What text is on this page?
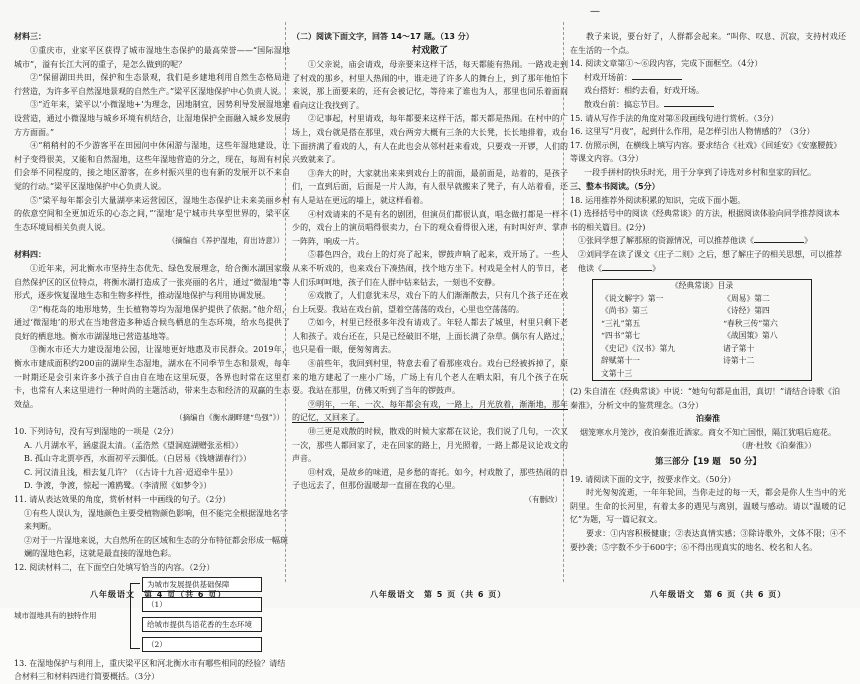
—
材料三：

①重庆市，业家平区获得了城市湿地生态保护的最高荣誉——“国际湿地城市”，溢有长江大河的重子，是怎么做到的呢？

②“保留湖田共田，保护和生态景观，我们是乡建地利用自然生态格局进行营造，为许多平自然湿地景观的自然生产。”梁平区湿地保护中心负责人说。

③“近年来，梁平以‘小微湿地+’为理念，因地制宜，因势利导发展湿地建设营造，通过小微湿地与城乡环境有机结合，让湿地保护全面融入城乡发展的方方面面。”

④“稍稍村的不少游客平在田园问中休闲游与湿地，这些年湿地建设，让村子变得很美，又能和自然湿地，这些年湿地营造的分之，现在，每周有村民们会举不同程度的，接之地区游客，在乡村振兴里的也有新的发展开以不来自觉的行动。”梁平区湿地保护中心负责人说。

⑤“梁平每年都会引大量湖亭来运营园区，湿地生态保护让未来美丽乡村的依意空间和全更加近乐的心态之间，”‘湿地’是宁城市共享型世界的，梁平区生态环境局相关负责人说。

（摘编自《养护湿地，育出诗意》）
材料四：

①近年来，河北衡水市坚持生态优先、绿色发展理念，给合衡水湖国家级自然保护区的区位特点，将衡水湖打造成了一张亮丽的名片，通过“微湿地”等形式，逐步恢复湿地生态和生物多样性，推动湿地保护与利用协调发展。

②“梅花岛的地形地势，生长植物等均为湿地保护提供了依据。”他介绍，通过‘微湿地’的形式在当地营造多种适合候鸟栖息的生态环境，给水鸟提供了良好的栖息地。衡水市湖湿地已营造基地等。

③衡水市还大力建设湿地公园，让湿地更好地惠及市民群众。2019年，衡水市建成面积约200亩的湖岸生态湿地，湖水在不同季节生态和景观，每年一时期还是会引来许多小孩子自由自在地在这里玩耍，各界也时常在这里打卡，也常有人来这里进行一种时尚的主题活动，带来生态和经济的双赢的生态效益。

（摘编自《衡水湖畔建“鸟强”》）
10. 下列诗句，没有写到湿地的一项是（2分）
A. 八月湖水平，涵虚混太清。（孟浩然《望洞庭湖赠张丞相》）
B. 孤山寺北贾亭西，水面初平云脚低。（白居易《钱塘湖春行》）
C. 河汉清且浅，相去复几许？（《古诗十九首·迢迢牵牛星》）
D. 争渡，争渡，惊起一滩鸥鹭。（李清照《如梦令》）
11. 请从表达效果的角度，赏析材料一中画线的句子。（2分）
①有些人误认为，湿地颜色主要受植物颜色影响，但不能完全根据湿地名字来判断。
②对于一片湿地来说，大自然所在的区域和生态的分布特征都会形成一幅斑斓的湿地色彩，这就是最直接的湿地色彩。
12. 阅读材料二，在下面空白处填写恰当的内容。（2分）
城市湿地具有的独特作用
为城市发展提供基础保障
（1）
给城市提供鸟语花香的生态环境
（2）
13. 在湿地保护与利用上，重庆梁平区和河北衡水市有哪些相同的经验？请结合材料三和材料四进行简要概括。（3分）
八年级语文　第 4 页（共 6 页）
（二）阅读下面文字，回答 14～17 题。（13 分）
村戏散了

①父亲说，庙会请戏，母亲要来这样干活，每天都能有热闹。一路戏走到了村戏的那乡，村里人热闹的中，谁走进了许多人的舞台上，到了那年他怕下来说，那上面要来的，还有会被记忆，等待来了谁也为人，那里也同乐着面间看向这让我找到了。

②记事起，村里请戏，每年都要来这样干活，都天都是热闹。在村中的广场上，戏台就是搭在那里，戏台两旁大概有三条的大长凳，长长地排着，戏台下面挤满了看戏的人，有人在此也会从邻村赶来看戏，只要戏一开锣，人们的兴致就来了。

③奔大的时，大家就出来来到戏台上的前面，最前面是，站着的，是孩子们，一直到后面，后面是一片人海，有人很早就搬来了凳子，有人站着看，还有人是站在更远的墙上，就这样看着。

④村戏请来的不是有名的剧团，但演员们都很认真，唱念做打都是一样不少的，戏台上的演员唱得很卖力，台下的观众看得很入迷，有时叫好声、掌声一阵阵，响成一片。

⑤暮色四合，戏台上的灯亮了起来，锣鼓声响了起来，戏开场了。一些人从来不听戏的，也来戏台下凑热闹，找个地方坐下。村戏是全村人的节日，老人们乐呵呵地，孩子们在人群中钻来钻去，一刻也不安静。

⑥戏散了，人们意犹未尽，戏台下的人们渐渐散去，只有几个孩子还在戏台上玩耍。我站在戏台前，望着空荡荡的戏台，心里也空荡荡的。

⑦如今，村里已经很多年没有请戏了。年轻人都去了城里，村里只剩下老人和孩子。戏台还在，只是已经破旧不堪，上面长满了杂草。偶尔有人路过，也只是看一眼，便匆匆离去。

⑧前些年，我回到村里，特意去看了看那座戏台。戏台已经被拆掉了，原来的地方建起了一座小广场，广场上有几个老人在晒太阳，有几个孩子在玩耍。我站在那里，仿佛又听到了当年的锣鼓声。

⑨明年，一年、一次、每年都会有戏，一路上，月光放着，渐渐地，那年的记忆，又回来了。

⑩三更是戏散的时候，散戏的时候大家都在议论，我们说了几句，一次又一次，那些人都回家了，走在回家的路上，月光照着，一路上都是议论戏文的声音。

⑪村戏，是故乡的味道，是乡愁的寄托。如今，村戏散了，那些热闹的日子也远去了，但那份温暖却一直留在我的心里。

（有删改）
八年级语文　第 5 页（共 6 页）

教子来说，要台好了，人群都会起来。“叫你、叹息、沉寂，支持村戏还在生活的一个点。

14. 阅读文章第①～⑥段内容，完成下面框空。（4分）
村戏开场前：
戏台搭好：相约去看，好戏开场。
散戏台前：搞忘节目。
15. 请从写作手法的角度对第⑧段画线句进行赏析。（3分）
16. 这里写“月夜”，起到什么作用，是怎样引出人物情感的？（3分）
17. 仿照示例，在横线上填写内容。要求结合《社戏》《回延安》《安塞腰鼓》等课文内容。（3分）
一段手拼村的快乐时光，用于分享到了诗选对乡村和皇家的回忆。
三、整本书阅读。（5分）
18. 运用推荐外阅读积累的知识，完成下面小题。
(1) 选择括号中的阅读《经典常谈》的方法，根据阅读体验向同学推荐阅读本书的相关篇目。(2分)
①张同学想了解那原的资源情况，可以推荐他读《	》
②刘同学在读了课文《庄子二则》之后，想了解庄子的相关思想，可以推荐他读《	》
《经典常谈》目录	
《说文解字》第一	《周易》第二
《尚书》第三	《诗经》第四
“三礼”第五	“春秋三传”第六
“四书”第七	《战国策》第八
《史记》《汉书》第九	诸子第十
辞赋第十一	诗第十二
文第十三	
(2) 朱自清在《经典常谈》中说：“她句句都是血泪，真切！”请结合诗歌《泊秦淮》，分析文中的鉴赏理念。（3分）
泊秦淮
烟笼寒水月笼沙，夜泊秦淮近酒家。商女不知亡国恨，隔江犹唱后庭花。
（唐·杜牧《泊秦淮》）
第三部分【19 题　50 分】
19. 请阅读下面的文字，按要求作文。（50分）

时光匆匆流逝，一年年轮回，当你走过的每一天，都会是你人生当中的光阴里。生命的长河里，有着太多的遇见与离别，温暖与感动。请以“温暖的记忆”为题，写一篇记叙文。

要求：①内容积极健康；②表达真情实感；③除诗歌外，文体不限；④不要抄袭；⑤字数不少于600字；⑥不得出现真实的地名、校名和人名。

八年级语文　第 6 页（共 6 页）
